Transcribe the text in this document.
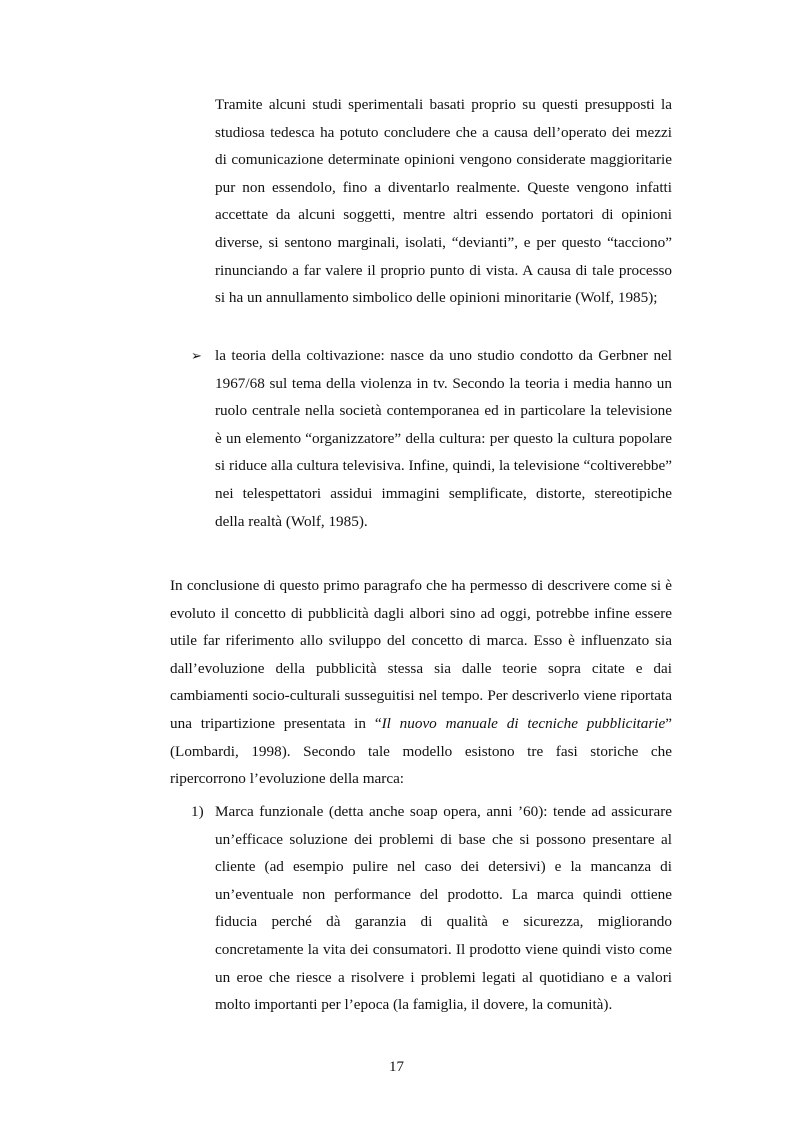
Tramite alcuni studi sperimentali basati proprio su questi presupposti la studiosa tedesca ha potuto concludere che a causa dell’operato dei mezzi di comunicazione determinate opinioni vengono considerate maggioritarie pur non essendolo, fino a diventarlo realmente. Queste vengono infatti accettate da alcuni soggetti, mentre altri essendo portatori di opinioni diverse, si sentono marginali, isolati, “devianti”, e per questo “tacciono” rinunciando a far valere il proprio punto di vista. A causa di tale processo si ha un annullamento simbolico delle opinioni minoritarie (Wolf, 1985);

➢ la teoria della coltivazione: nasce da uno studio condotto da Gerbner nel 1967/68 sul tema della violenza in tv. Secondo la teoria i media hanno un ruolo centrale nella società contemporanea ed in particolare la televisione è un elemento “organizzatore” della cultura: per questo la cultura popolare si riduce alla cultura televisiva. Infine, quindi, la televisione “coltiverebbe” nei telespettatori assidui immagini semplificate, distorte, stereotipiche della realtà (Wolf, 1985).

In conclusione di questo primo paragrafo che ha permesso di descrivere come si è evoluto il concetto di pubblicità dagli albori sino ad oggi, potrebbe infine essere utile far riferimento allo sviluppo del concetto di marca. Esso è influenzato sia dall’evoluzione della pubblicità stessa sia dalle teorie sopra citate e dai cambiamenti socio-culturali susseguitisi nel tempo. Per descriverlo viene riportata una tripartizione presentata in “Il nuovo manuale di tecniche pubblicitarie” (Lombardi, 1998). Secondo tale modello esistono tre fasi storiche che ripercorrono l’evoluzione della marca:

1) Marca funzionale (detta anche soap opera, anni ’60): tende ad assicurare un’efficace soluzione dei problemi di base che si possono presentare al cliente (ad esempio pulire nel caso dei detersivi) e la mancanza di un’eventuale non performance del prodotto. La marca quindi ottiene fiducia perché dà garanzia di qualità e sicurezza, migliorando concretamente la vita dei consumatori. Il prodotto viene quindi visto come un eroe che riesce a risolvere i problemi legati al quotidiano e a valori molto importanti per l’epoca (la famiglia, il dovere, la comunità).

17
